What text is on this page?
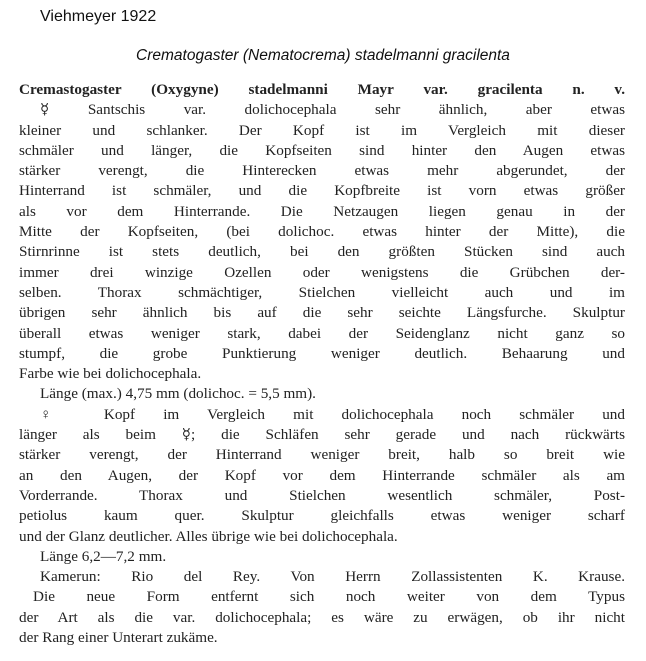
Viehmeyer 1922
Crematogaster (Nematocrema) stadelmanni gracilenta
Cremastogaster (Oxygyne) stadelmanni Mayr var. gracilenta n. v.
☿ Santschis var. dolichocephala sehr ähnlich, aber etwas
kleiner und schlanker. Der Kopf ist im Vergleich mit dieser
schmäler und länger, die Kopfseiten sind hinter den Augen etwas
stärker verengt, die Hinterecken etwas mehr abgerundet, der
Hinterrand ist schmäler, und die Kopfbreite ist vorn etwas größer
als vor dem Hinterrande. Die Netzaugen liegen genau in der
Mitte der Kopfseiten, (bei dolichoc. etwas hinter der Mitte), die
Stirnrinne ist stets deutlich, bei den größten Stücken sind auch
immer drei winzige Ozellen oder wenigstens die Grübchen der-
selben. Thorax schmächtiger, Stielchen vielleicht auch und im
übrigen sehr ähnlich bis auf die sehr seichte Längsfurche. Skulptur
überall etwas weniger stark, dabei der Seidenglanz nicht ganz so
stumpf, die grobe Punktierung weniger deutlich. Behaarung und
Farbe wie bei dolichocephala.
Länge (max.) 4,75 mm (dolichoc. = 5,5 mm).
♀ Kopf im Vergleich mit dolichocephala noch schmäler und
länger als beim ☿; die Schläfen sehr gerade und nach rückwärts
stärker verengt, der Hinterrand weniger breit, halb so breit wie
an den Augen, der Kopf vor dem Hinterrande schmäler als am
Vorderrande. Thorax und Stielchen wesentlich schmäler, Post-
petiolus kaum quer. Skulptur gleichfalls etwas weniger scharf
und der Glanz deutlicher. Alles übrige wie bei dolichocephala.
Länge 6,2—7,2 mm.
Kamerun: Rio del Rey. Von Herrn Zollassistenten K. Krause.
Die neue Form entfernt sich noch weiter von dem Typus
der Art als die var. dolichocephala; es wäre zu erwägen, ob ihr nicht
der Rang einer Unterart zukäme.
